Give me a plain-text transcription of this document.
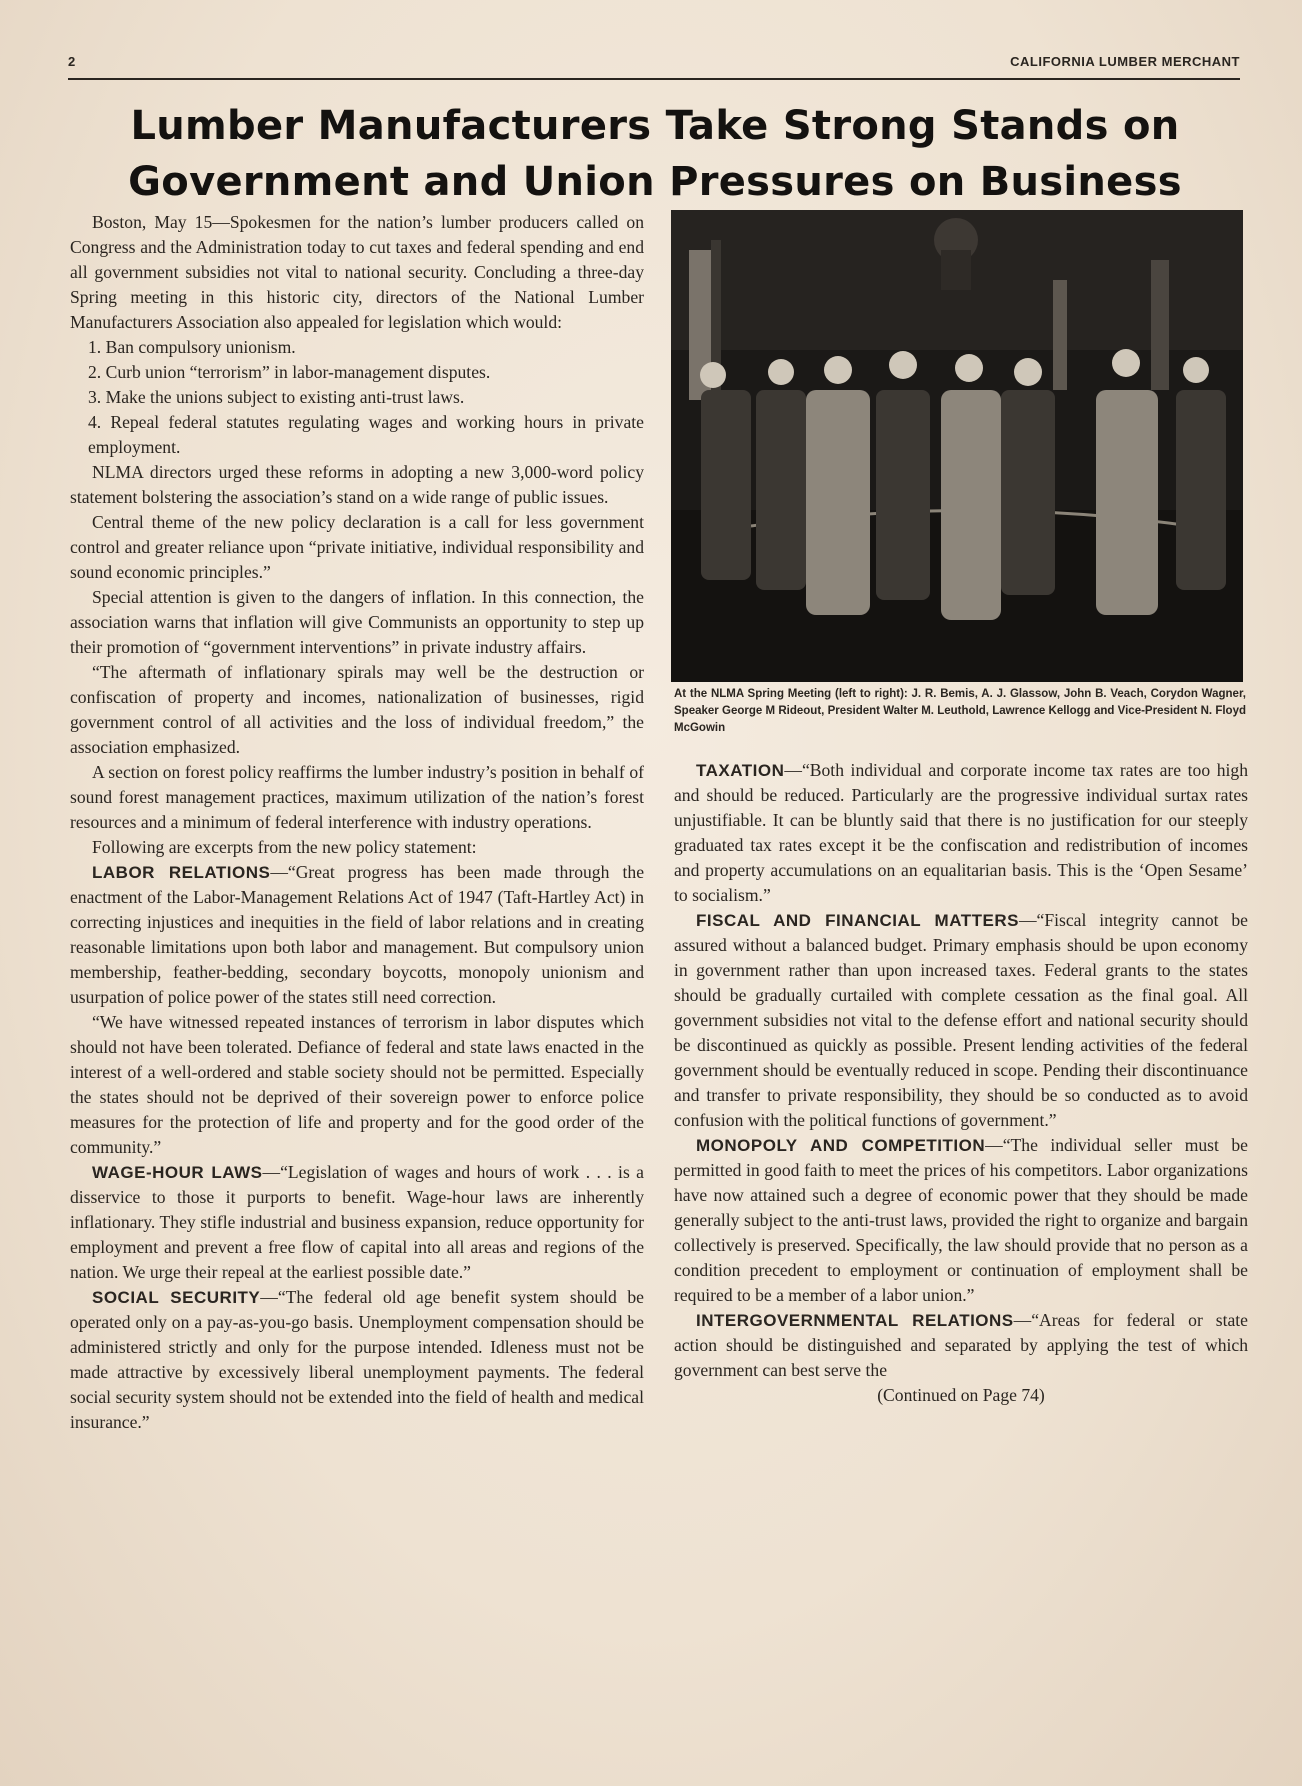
2	CALIFORNIA LUMBER MERCHANT
Lumber Manufacturers Take Strong Stands on
Government and Union Pressures on Business

Boston, May 15—Spokesmen for the nation’s lumber producers called on Congress and the Administration today to cut taxes and federal spending and end all government subsidies not vital to national security. Concluding a three-day Spring meeting in this historic city, directors of the National Lumber Manufacturers Association also appealed for legislation which would:

1. Ban compulsory unionism.

2. Curb union “terrorism” in labor-management disputes.

3. Make the unions subject to existing anti-trust laws.

4. Repeal federal statutes regulating wages and working hours in private employment.

NLMA directors urged these reforms in adopting a new 3,000-word policy statement bolstering the association’s stand on a wide range of public issues.

Central theme of the new policy declaration is a call for less government control and greater reliance upon “private initiative, individual responsibility and sound economic principles.”

Special attention is given to the dangers of inflation. In this connection, the association warns that inflation will give Communists an opportunity to step up their promotion of “government interventions” in private industry affairs.

“The aftermath of inflationary spirals may well be the destruction or confiscation of property and incomes, nationalization of businesses, rigid government control of all activities and the loss of individual freedom,” the association emphasized.

A section on forest policy reaffirms the lumber industry’s position in behalf of sound forest management practices, maximum utilization of the nation’s forest resources and a minimum of federal interference with industry operations.

Following are excerpts from the new policy statement:

LABOR RELATIONS—“Great progress has been made through the enactment of the Labor-Management Relations Act of 1947 (Taft-Hartley Act) in correcting injustices and inequities in the field of labor relations and in creating reasonable limitations upon both labor and management. But compulsory union membership, feather-bedding, secondary boycotts, monopoly unionism and usurpation of police power of the states still need correction.

“We have witnessed repeated instances of terrorism in labor disputes which should not have been tolerated. Defiance of federal and state laws enacted in the interest of a well-ordered and stable society should not be permitted. Especially the states should not be deprived of their sovereign power to enforce police measures for the protection of life and property and for the good order of the community.”

WAGE-HOUR LAWS—“Legislation of wages and hours of work . . . is a disservice to those it purports to benefit. Wage-hour laws are inherently inflationary. They stifle industrial and business expansion, reduce opportunity for employment and prevent a free flow of capital into all areas and regions of the nation. We urge their repeal at the earliest possible date.”

SOCIAL SECURITY—“The federal old age benefit system should be operated only on a pay-as-you-go basis. Unemployment compensation should be administered strictly and only for the purpose intended. Idleness must not be made attractive by excessively liberal unemployment payments. The federal social security system should not be extended into the field of health and medical insurance.”

At the NLMA Spring Meeting (left to right): J. R. Bemis, A. J. Glassow, John B. Veach, Corydon Wagner, Speaker George M Rideout, President Walter M. Leuthold, Lawrence Kellogg and Vice-President N. Floyd McGowin

TAXATION—“Both individual and corporate income tax rates are too high and should be reduced. Particularly are the progressive individual surtax rates unjustifiable. It can be bluntly said that there is no justification for our steeply graduated tax rates except it be the confiscation and redistribution of incomes and property accumulations on an equalitarian basis. This is the ‘Open Sesame’ to socialism.”

FISCAL AND FINANCIAL MATTERS—“Fiscal integrity cannot be assured without a balanced budget. Primary emphasis should be upon economy in government rather than upon increased taxes. Federal grants to the states should be gradually curtailed with complete cessation as the final goal. All government subsidies not vital to the defense effort and national security should be discontinued as quickly as possible. Present lending activities of the federal government should be eventually reduced in scope. Pending their discontinuance and transfer to private responsibility, they should be so conducted as to avoid confusion with the political functions of government.”

MONOPOLY AND COMPETITION—“The individual seller must be permitted in good faith to meet the prices of his competitors. Labor organizations have now attained such a degree of economic power that they should be made generally subject to the anti-trust laws, provided the right to organize and bargain collectively is preserved. Specifically, the law should provide that no person as a condition precedent to employment or continuation of employment shall be required to be a member of a labor union.”

INTERGOVERNMENTAL RELATIONS—“Areas for federal or state action should be distinguished and separated by applying the test of which government can best serve the

(Continued on Page 74)
